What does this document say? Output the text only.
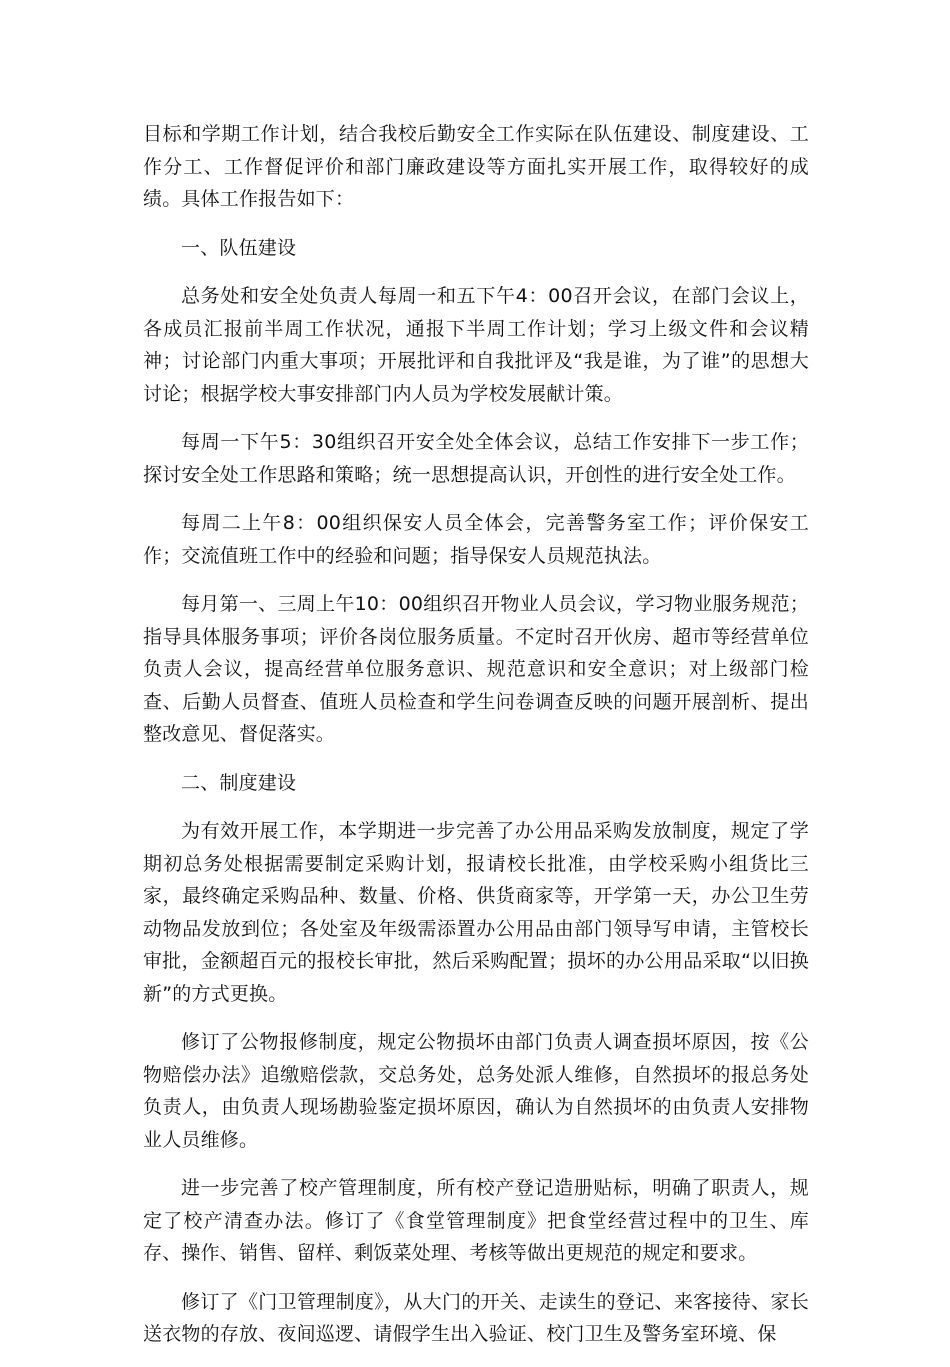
目标和学期工作计划，结合我校后勤安全工作实际在队伍建设、制度建设、工作分工、工作督促评价和部门廉政建设等方面扎实开展工作，取得较好的成绩。具体工作报告如下：

一、队伍建设

总务处和安全处负责人每周一和五下午4：00召开会议，在部门会议上，各成员汇报前半周工作状况，通报下半周工作计划；学习上级文件和会议精神；讨论部门内重大事项；开展批评和自我批评及“我是谁，为了谁”的思想大讨论；根据学校大事安排部门内人员为学校发展献计策。

每周一下午5：30组织召开安全处全体会议，总结工作安排下一步工作；探讨安全处工作思路和策略；统一思想提高认识，开创性的进行安全处工作。

每周二上午8：00组织保安人员全体会，完善警务室工作；评价保安工作；交流值班工作中的经验和问题；指导保安人员规范执法。

每月第一、三周上午10：00组织召开物业人员会议，学习物业服务规范；指导具体服务事项；评价各岗位服务质量。不定时召开伙房、超市等经营单位负责人会议，提高经营单位服务意识、规范意识和安全意识；对上级部门检查、后勤人员督查、值班人员检查和学生问卷调查反映的问题开展剖析、提出整改意见、督促落实。

二、制度建设

为有效开展工作，本学期进一步完善了办公用品采购发放制度，规定了学期初总务处根据需要制定采购计划，报请校长批准，由学校采购小组货比三家，最终确定采购品种、数量、价格、供货商家等，开学第一天，办公卫生劳动物品发放到位；各处室及年级需添置办公用品由部门领导写申请，主管校长审批，金额超百元的报校长审批，然后采购配置；损坏的办公用品采取“以旧换新”的方式更换。

修订了公物报修制度，规定公物损坏由部门负责人调查损坏原因，按《公物赔偿办法》追缴赔偿款，交总务处，总务处派人维修，自然损坏的报总务处负责人，由负责人现场勘验鉴定损坏原因，确认为自然损坏的由负责人安排物业人员维修。

进一步完善了校产管理制度，所有校产登记造册贴标，明确了职责人，规定了校产清查办法。修订了《食堂管理制度》把食堂经营过程中的卫生、库存、操作、销售、留样、剩饭菜处理、考核等做出更规范的规定和要求。

修订了《门卫管理制度》，从大门的开关、走读生的登记、来客接待、家长送衣物的存放、夜间巡逻、请假学生出入验证、校门卫生及警务室环境、保
